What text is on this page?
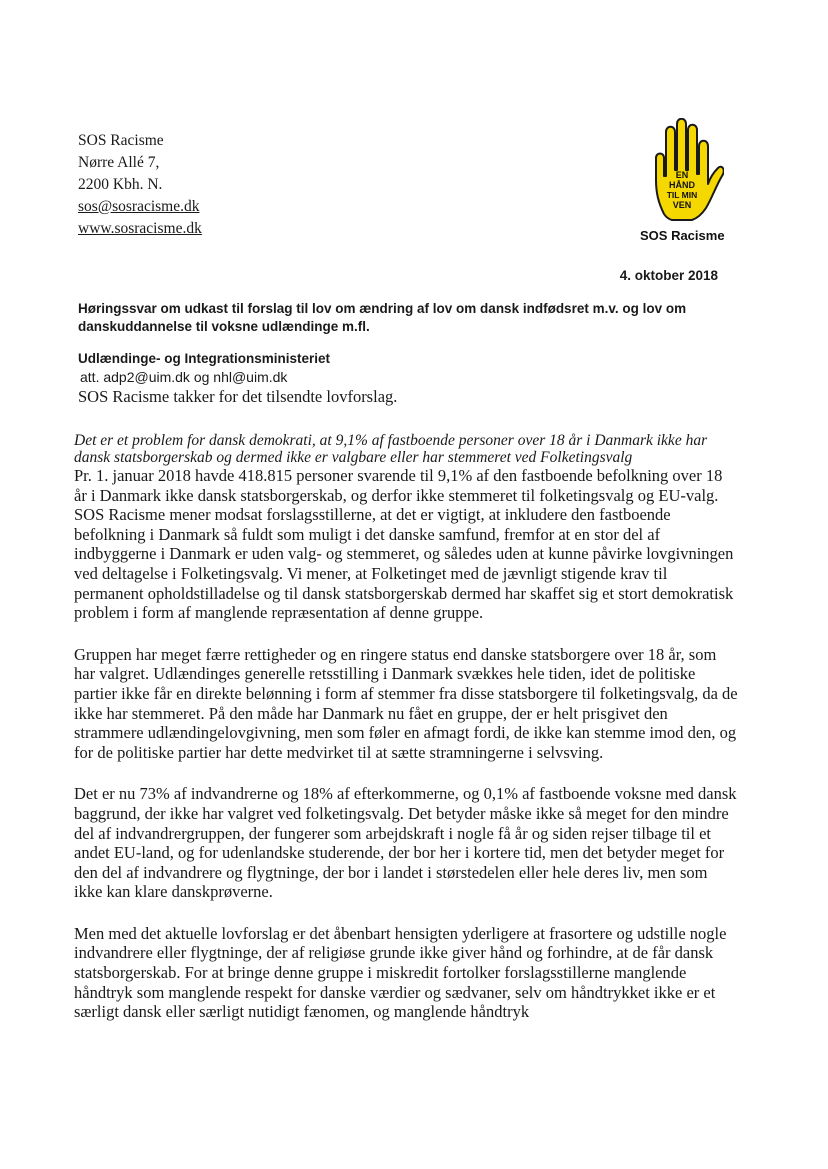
SOS Racisme
Nørre Allé 7,
2200 Kbh. N.
sos@sosracisme.dk
www.sosracisme.dk
EN
HÅND
TIL MIN
VEN
SOS Racisme
4. oktober 2018
Høringssvar om udkast til forslag til lov om ændring af lov om dansk indfødsret m.v. og lov om danskuddannelse til voksne udlændinge m.fl.
Udlændinge- og Integrationsministeriet
att. adp2@uim.dk og nhl@uim.dk
SOS Racisme takker for det tilsendte lovforslag.

Det er et problem for dansk demokrati, at 9,1% af fastboende personer over 18 år i Danmark ikke har dansk statsborgerskab og dermed ikke er valgbare eller har stemmeret ved Folketingsvalg

Pr. 1. januar 2018 havde 418.815 personer svarende til 9,1% af den fastboende befolkning over 18 år i Danmark ikke dansk statsborgerskab, og derfor ikke stemmeret til folketingsvalg og EU-valg. SOS Racisme mener modsat forslagsstillerne, at det er vigtigt, at inkludere den fastboende befolkning i Danmark så fuldt som muligt i det danske samfund, fremfor at en stor del af indbyggerne i Danmark er uden valg- og stemmeret, og således uden at kunne påvirke lovgivningen ved deltagelse i Folketingsvalg. Vi mener, at Folketinget med de jævnligt stigende krav til permanent opholdstilladelse og til dansk statsborgerskab dermed har skaffet sig et stort demokratisk problem i form af manglende repræsentation af denne gruppe.

Gruppen har meget færre rettigheder og en ringere status end danske statsborgere over 18 år, som har valgret. Udlændinges generelle retsstilling i Danmark svækkes hele tiden, idet de politiske partier ikke får en direkte belønning i form af stemmer fra disse statsborgere til folketingsvalg, da de ikke har stemmeret. På den måde har Danmark nu fået en gruppe, der er helt prisgivet den strammere udlændingelovgivning, men som føler en afmagt fordi, de ikke kan stemme imod den, og for de politiske partier har dette medvirket til at sætte stramningerne i selvsving.

Det er nu 73% af indvandrerne og 18% af efterkommerne, og 0,1% af fastboende voksne med dansk baggrund, der ikke har valgret ved folketingsvalg. Det betyder måske ikke så meget for den mindre del af indvandrergruppen, der fungerer som arbejdskraft i nogle få år og siden rejser tilbage til et andet EU-land, og for udenlandske studerende, der bor her i kortere tid, men det betyder meget for den del af indvandrere og flygtninge, der bor i landet i størstedelen eller hele deres liv, men som ikke kan klare danskprøverne.

Men med det aktuelle lovforslag er det åbenbart hensigten yderligere at frasortere og udstille nogle indvandrere eller flygtninge, der af religiøse grunde ikke giver hånd og forhindre, at de får dansk statsborgerskab. For at bringe denne gruppe i miskredit fortolker forslagsstillerne manglende håndtryk som manglende respekt for danske værdier og sædvaner, selv om håndtrykket ikke er et særligt dansk eller særligt nutidigt fænomen, og manglende håndtryk
